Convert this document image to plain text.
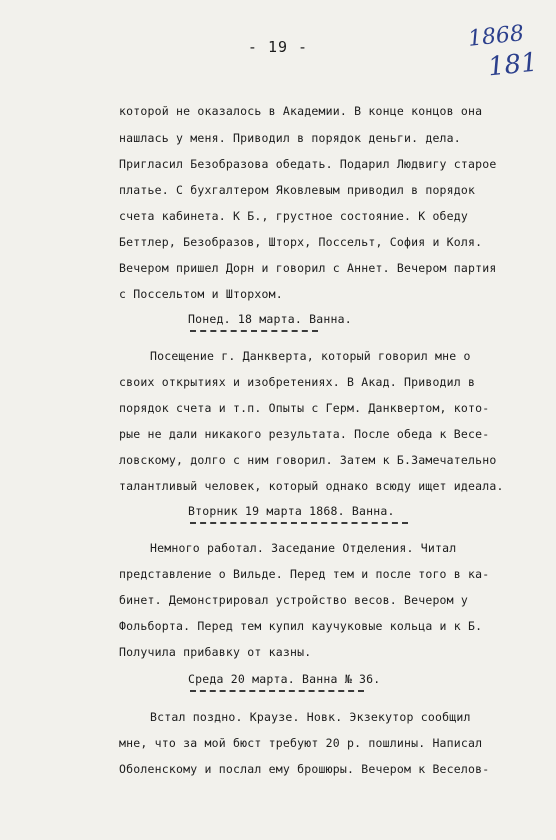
1868
181
- 19 -
которой не оказалось в Академии. В конце концов она
нашлась у меня. Приводил в порядок деньги. дела.
Пригласил Безобразова обедать. Подарил Людвигу старое
платье. С бухгалтером Яковлевым приводил в порядок
счета кабинета. К Б., грустное состояние. К обеду
Беттлер, Безобразов, Шторх, Поссельт, София и Коля.
Вечером пришел Дорн и говорил с Аннет. Вечером партия
с Поссельтом и Шторхом.
Понед. 18 марта. Ванна.
Посещение г. Данкверта, который говорил мне о
своих открытиях и изобретениях. В Акад. Приводил в
порядок счета и т.п. Опыты с Герм. Данквертом, кото-
рые не дали никакого результата. После обеда к Весе-
ловскому, долго с ним говорил. Затем к Б.Замечательно
талантливый человек, который однако всюду ищет идеала.
Вторник 19 марта 1868. Ванна.
Немного работал. Заседание Отделения. Читал
представление о Вильде. Перед тем и после того в ка-
бинет. Демонстрировал устройство весов. Вечером у
Фольборта. Перед тем купил каучуковые кольца и к Б.
Получила прибавку от казны.
Среда 20 марта. Ванна № 36.
Встал поздно. Краузе. Новк. Экзекутор сообщил
мне, что за мой бюст требуют 20 р. пошлины. Написал
Оболенскому и послал ему брошюры. Вечером к Веселов-
